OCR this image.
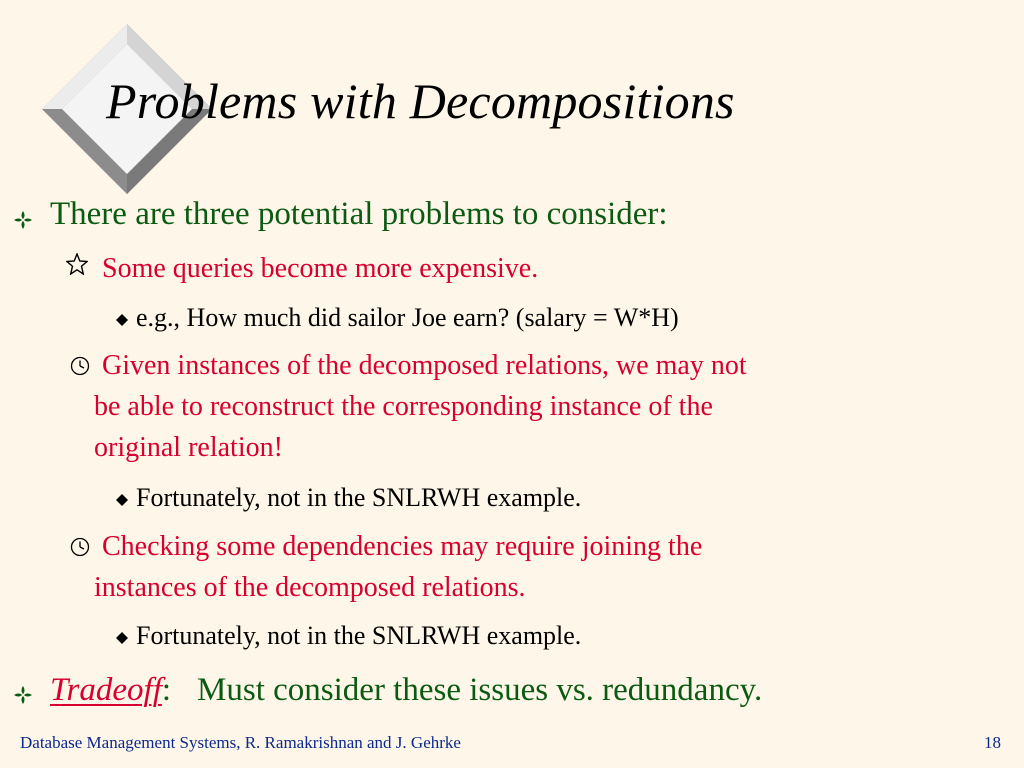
Problems with Decompositions
There are three potential problems to consider:
Some queries become more expensive.
e.g., How much did sailor Joe earn? (salary = W*H)
Given instances of the decomposed relations, we may not
be able to reconstruct the corresponding instance of the
original relation!
Fortunately, not in the SNLRWH example.
Checking some dependencies may require joining the
instances of the decomposed relations.
Fortunately, not in the SNLRWH example.
Tradeoff: Must consider these issues vs. redundancy.
Database Management Systems, R. Ramakrishnan and J. Gehrke	18
